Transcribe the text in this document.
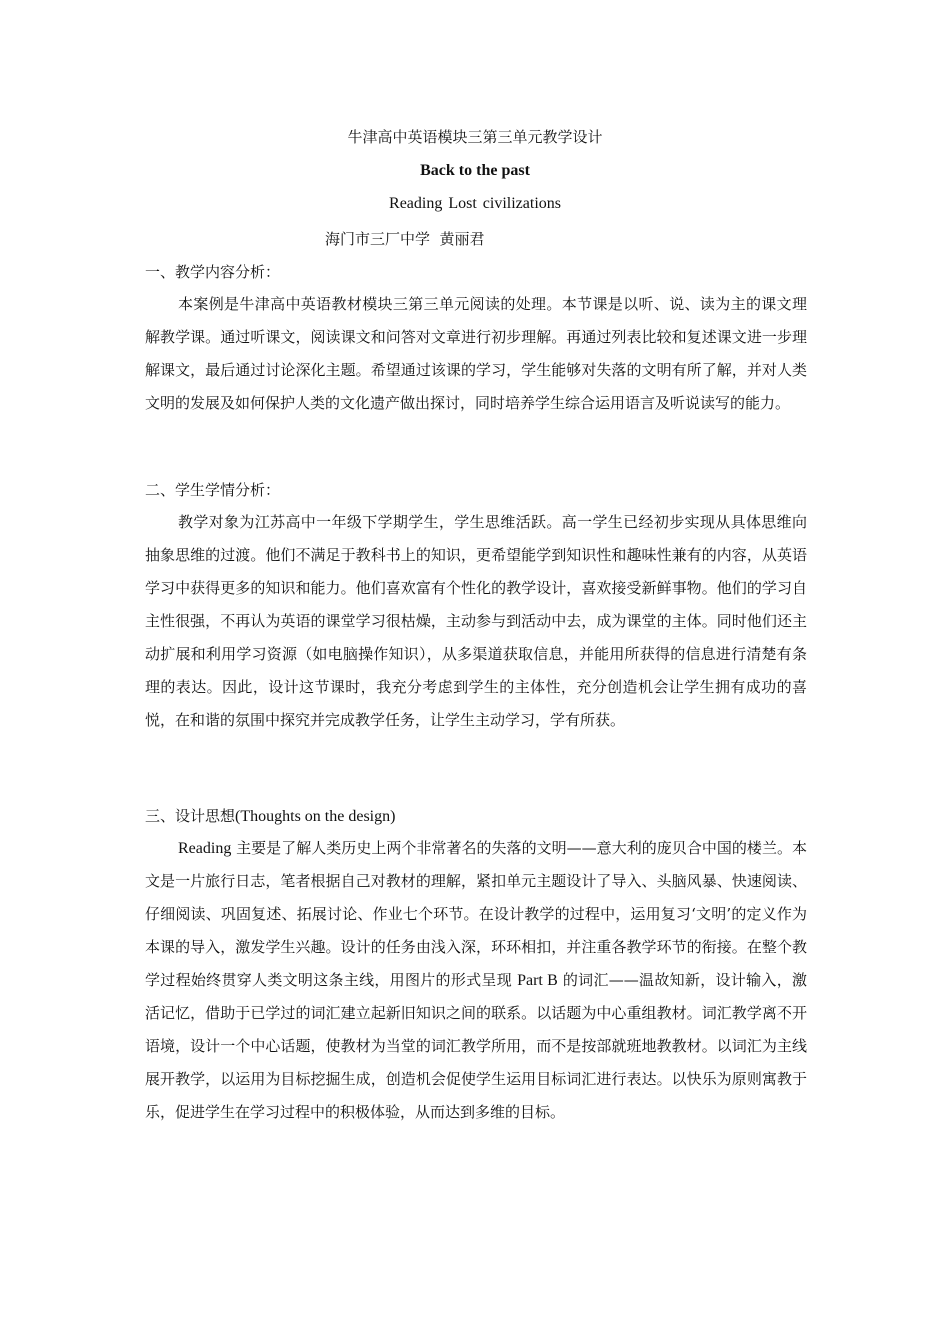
牛津高中英语模块三第三单元教学设计
Back to the past
Reading Lost civilizations
海门市三厂中学  黄丽君
一、教学内容分析：

本案例是牛津高中英语教材模块三第三单元阅读的处理。本节课是以听、说、读为主的课文理解教学课。通过听课文，阅读课文和问答对文章进行初步理解。再通过列表比较和复述课文进一步理解课文，最后通过讨论深化主题。希望通过该课的学习，学生能够对失落的文明有所了解，并对人类文明的发展及如何保护人类的文化遗产做出探讨，同时培养学生综合运用语言及听说读写的能力。

二、学生学情分析：

教学对象为江苏高中一年级下学期学生，学生思维活跃。高一学生已经初步实现从具体思维向抽象思维的过渡。他们不满足于教科书上的知识，更希望能学到知识性和趣味性兼有的内容，从英语学习中获得更多的知识和能力。他们喜欢富有个性化的教学设计，喜欢接受新鲜事物。他们的学习自主性很强，不再认为英语的课堂学习很枯燥，主动参与到活动中去，成为课堂的主体。同时他们还主动扩展和利用学习资源（如电脑操作知识），从多渠道获取信息，并能用所获得的信息进行清楚有条理的表达。因此，设计这节课时，我充分考虑到学生的主体性，充分创造机会让学生拥有成功的喜悦，在和谐的氛围中探究并完成教学任务，让学生主动学习，学有所获。

三、设计思想(Thoughts on the design)

Reading 主要是了解人类历史上两个非常著名的失落的文明——意大利的庞贝合中国的楼兰。本文是一片旅行日志，笔者根据自己对教材的理解，紧扣单元主题设计了导入、头脑风暴、快速阅读、仔细阅读、巩固复述、拓展讨论、作业七个环节。在设计教学的过程中，运用复习‘文明’的定义作为本课的导入，激发学生兴趣。设计的任务由浅入深，环环相扣，并注重各教学环节的衔接。在整个教学过程始终贯穿人类文明这条主线，用图片的形式呈现 Part B 的词汇——温故知新，设计输入，激活记忆，借助于已学过的词汇建立起新旧知识之间的联系。以话题为中心重组教材。词汇教学离不开语境，设计一个中心话题，使教材为当堂的词汇教学所用，而不是按部就班地教教材。以词汇为主线展开教学，以运用为目标挖掘生成，创造机会促使学生运用目标词汇进行表达。以快乐为原则寓教于乐，促进学生在学习过程中的积极体验，从而达到多维的目标。
